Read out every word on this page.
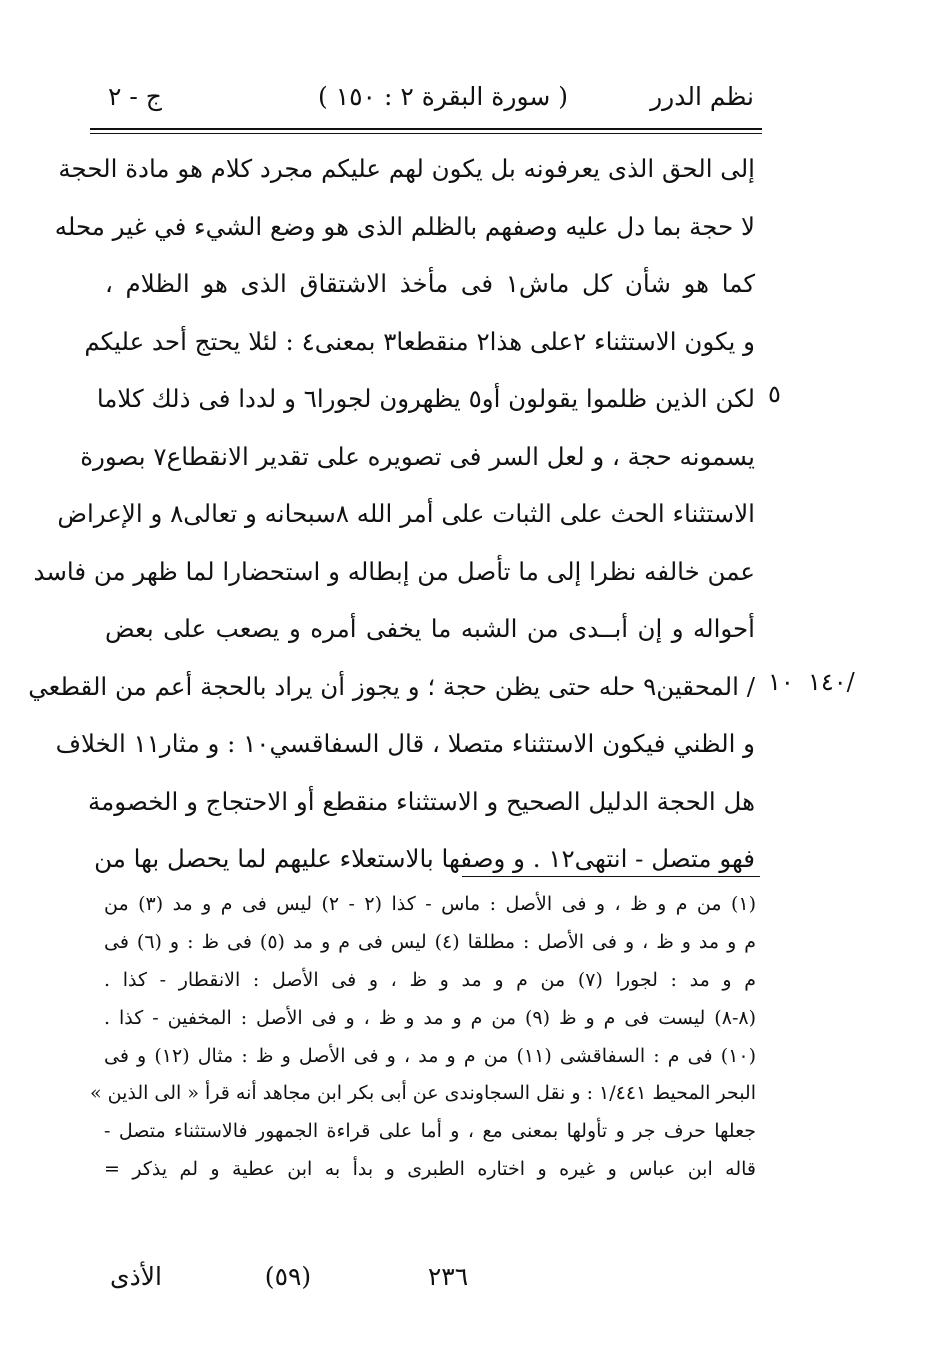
نظم الدرر
( سورة البقرة ٢ : ١٥٠ )
ج - ٢
إلى الحق الذى يعرفونه بل يكون لهم عليكم مجرد كلام هو مادة الحجة
لا حجة بما دل عليه وصفهم بالظلم الذى هو وضع الشيء في غير محله
كما هو شأن كل ماش١ فى مأخذ الاشتقاق الذى هو الظلام ،
و يكون الاستثناء ٢على هذا٢ منقطعا٣ بمعنى٤ : لئلا يحتج أحد عليكم
لكن الذين ظلموا يقولون أو٥ يظهرون لجورا٦ و لددا فى ذلك كلاما
يسمونه حجة ، و لعل السر فى تصويره على تقدير الانقطاع٧ بصورة
الاستثناء الحث على الثبات على أمر الله ٨سبحانه و تعالى٨ و الإعراض
عمن خالفه نظرا إلى ما تأصل من إبطاله و استحضارا لما ظهر من فاسد
أحواله و إن أبــدى من الشبه ما يخفى أمره و يصعب على بعض
/ المحقين٩ حله حتى يظن حجة ؛ و يجوز أن يراد بالحجة أعم من القطعي
و الظني فيكون الاستثناء متصلا ، قال السفاقسي١٠ : و مثار١١ الخلاف
هل الحجة الدليل الصحيح و الاستثناء منقطع أو الاحتجاج و الخصومة
فهو متصل - انتهى١٢ . و وصفها بالاستعلاء عليهم لما يحصل بها من
٥
١٠ ١٤٠/
(١) من م و ظ ، و فى الأصل : ماس - كذا (٢ - ٢) ليس فى م و مد (٣) من
م و مد و ظ ، و فى الأصل : مطلقا (٤) ليس فى م و مد (٥) فى ظ : و (٦) فى
م و مد : لجورا (٧) من م و مد و ظ ، و فى الأصل : الانقطار - كذا .
(٨-٨) ليست فى م و ظ (٩) من م و مد و ظ ، و فى الأصل : المخفين - كذا .
(١٠) فى م : السفاقشى (١١) من م و مد ، و فى الأصل و ظ : مثال (١٢) و فى
البحر المحيط ١/٤٤١ : و نقل السجاوندى عن أبى بكر ابن مجاهد أنه قرأ « الى الذين »
جعلها حرف جر و تأولها بمعنى مع ، و أما على قراءة الجمهور فالاستثناء متصل -
قاله ابن عباس و غيره و اختاره الطبرى و بدأ به ابن عطية و لم يذكر =
٢٣٦
(٥٩)
الأذى
